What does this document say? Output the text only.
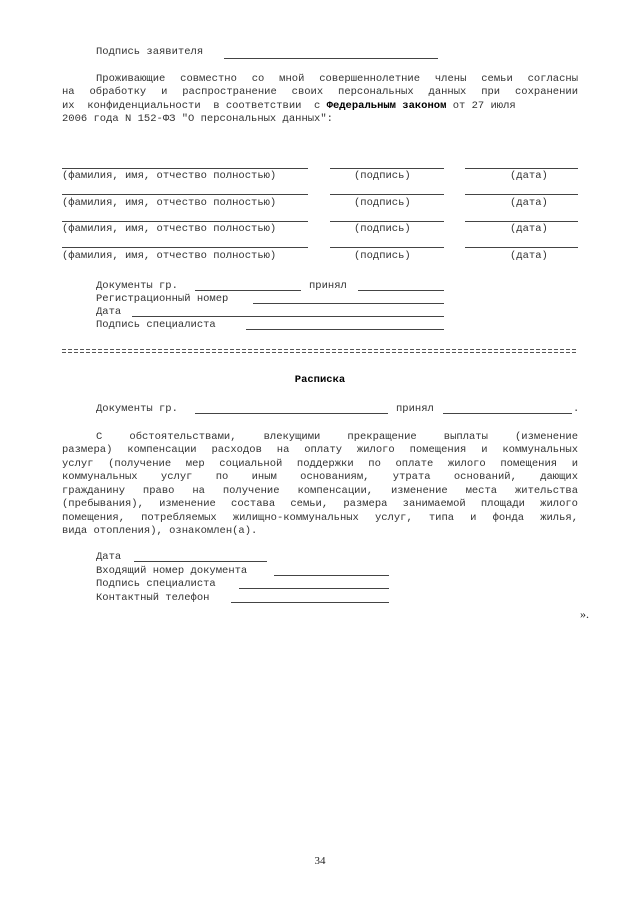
Подпись заявителя
Проживающие совместно со мной совершеннолетние члены семьи согласны
на обработку и распространение своих персональных данных при сохранении
их  конфиденциальности  в соответствии  с Федеральным законом от 27 июля
2006 года N 152-ФЗ "О персональных данных":
(фамилия, имя, отчество полностью)	(подпись)	(дата)
(фамилия, имя, отчество полностью)	(подпись)	(дата)
(фамилия, имя, отчество полностью)	(подпись)	(дата)
(фамилия, имя, отчество полностью)	(подпись)	(дата)
Документы гр.	принял
Регистрационный номер
Дата
Подпись специалиста
Расписка
Документы гр.	принял	.
С обстоятельствами, влекущими прекращение выплаты (изменение
размера) компенсации расходов на оплату жилого помещения и коммунальных
услуг (получение мер социальной поддержки по оплате жилого помещения и
коммунальных услуг по иным основаниям, утрата оснований, дающих
гражданину право на получение компенсации, изменение места жительства
(пребывания), изменение состава семьи, размера занимаемой площади жилого
помещения, потребляемых жилищно-коммунальных услуг, типа и фонда жилья,
вида отопления), ознакомлен(а).
Дата
Входящий номер документа
Подпись специалиста
Контактный телефон
».
34
